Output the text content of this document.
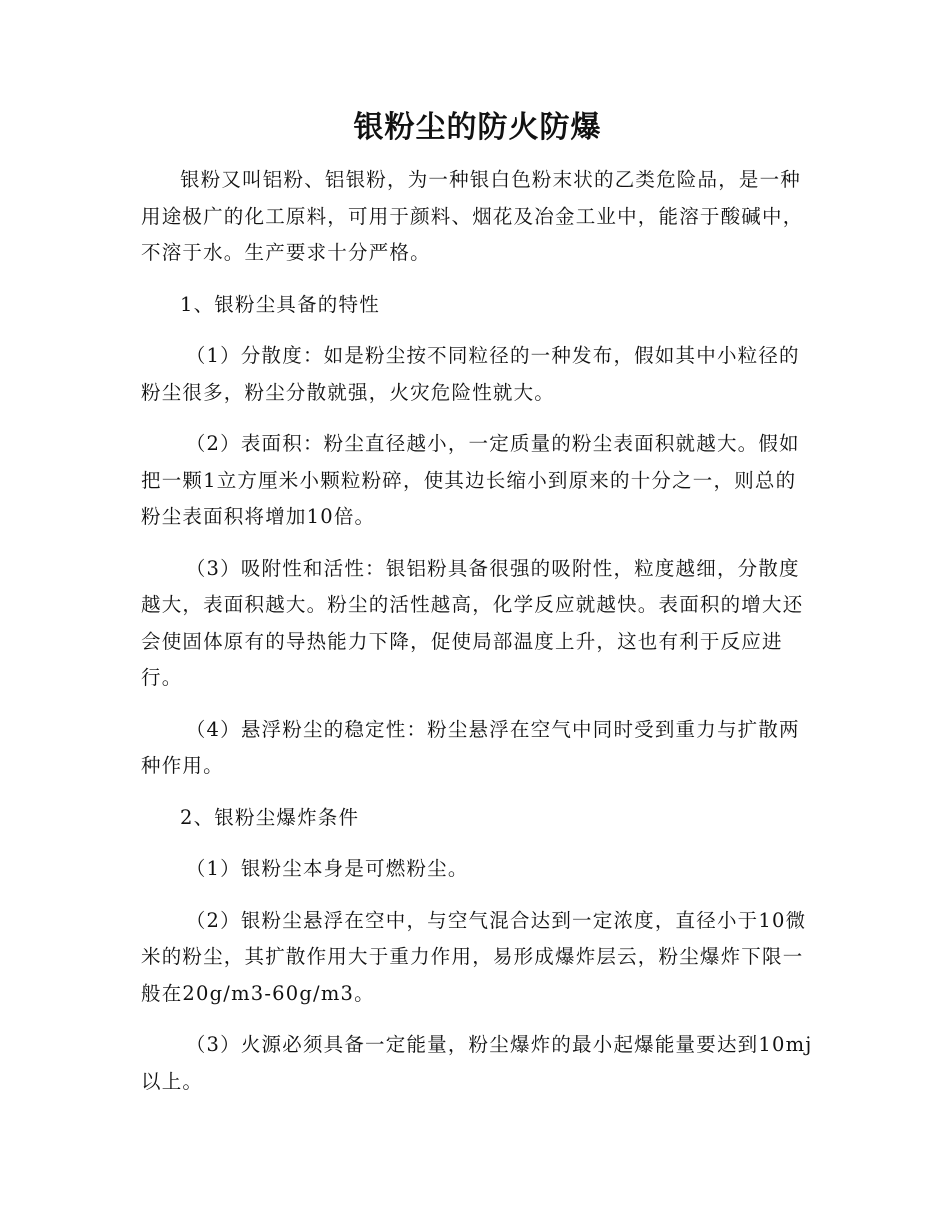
银粉尘的防火防爆

银粉又叫铝粉、铝银粉，为一种银白色粉末状的乙类危险品，是一种用途极广的化工原料，可用于颜料、烟花及冶金工业中，能溶于酸碱中，不溶于水。生产要求十分严格。

1、银粉尘具备的特性

（1）分散度：如是粉尘按不同粒径的一种发布，假如其中小粒径的粉尘很多，粉尘分散就强，火灾危险性就大。

（2）表面积：粉尘直径越小，一定质量的粉尘表面积就越大。假如把一颗1立方厘米小颗粒粉碎，使其边长缩小到原来的十分之一，则总的粉尘表面积将增加10倍。

（3）吸附性和活性：银铝粉具备很强的吸附性，粒度越细，分散度越大，表面积越大。粉尘的活性越高，化学反应就越快。表面积的增大还会使固体原有的导热能力下降，促使局部温度上升，这也有利于反应进行。

（4）悬浮粉尘的稳定性：粉尘悬浮在空气中同时受到重力与扩散两种作用。

2、银粉尘爆炸条件

（1）银粉尘本身是可燃粉尘。

（2）银粉尘悬浮在空中，与空气混合达到一定浓度，直径小于10微米的粉尘，其扩散作用大于重力作用，易形成爆炸层云，粉尘爆炸下限一般在20g/m3-60g/m3。

（3）火源必须具备一定能量，粉尘爆炸的最小起爆能量要达到10mj以上。
